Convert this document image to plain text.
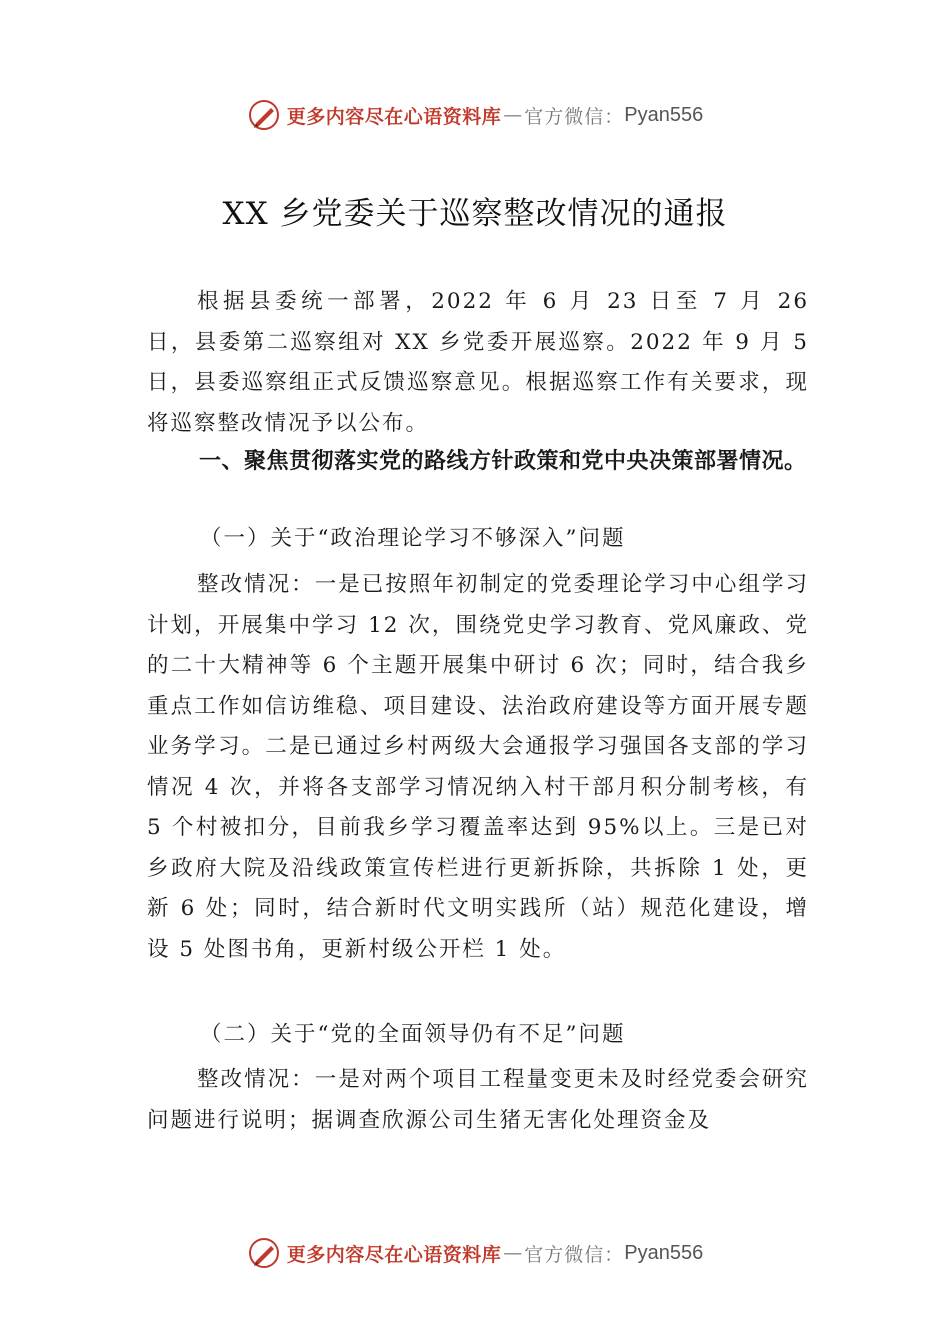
更多内容尽在心语资料库 — 官方微信： Pyan556
XX 乡党委关于巡察整改情况的通报
根据县委统一部署，2022 年 6 月 23 日至 7 月 26 日，县委第二巡察组对 XX 乡党委开展巡察。2022 年 9 月 5 日，县委巡察组正式反馈巡察意见。根据巡察工作有关要求，现将巡察整改情况予以公布。
一、聚焦贯彻落实党的路线方针政策和党中央决策部署情况。
（一）关于“政治理论学习不够深入”问题
整改情况：一是已按照年初制定的党委理论学习中心组学习计划，开展集中学习 12 次，围绕党史学习教育、党风廉政、党的二十大精神等 6 个主题开展集中研讨 6 次；同时，结合我乡重点工作如信访维稳、项目建设、法治政府建设等方面开展专题业务学习。二是已通过乡村两级大会通报学习强国各支部的学习情况 4 次，并将各支部学习情况纳入村干部月积分制考核，有 5 个村被扣分，目前我乡学习覆盖率达到 95%以上。三是已对乡政府大院及沿线政策宣传栏进行更新拆除，共拆除 1 处，更新 6 处；同时，结合新时代文明实践所（站）规范化建设，增设 5 处图书角，更新村级公开栏 1 处。
（二）关于“党的全面领导仍有不足”问题
整改情况：一是对两个项目工程量变更未及时经党委会研究问题进行说明；据调查欣源公司生猪无害化处理资金及
更多内容尽在心语资料库 — 官方微信： Pyan556
